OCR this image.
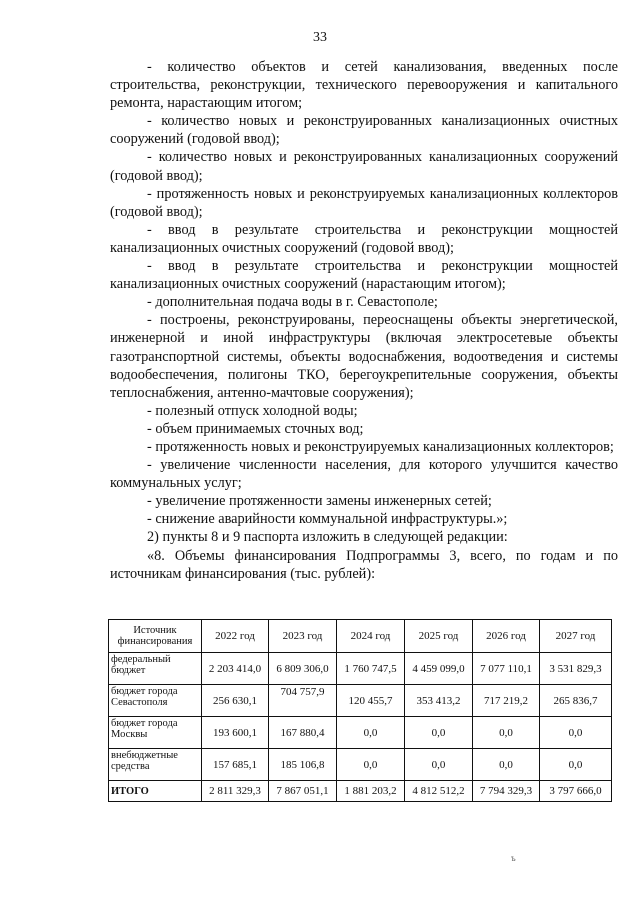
33

- количество объектов и сетей канализования, введенных после строительства, реконструкции, технического перевооружения и капитального ремонта, нарастающим итогом;

- количество новых и реконструированных канализационных очистных сооружений (годовой ввод);

- количество новых и реконструированных канализационных сооружений (годовой ввод);

- протяженность новых и реконструируемых канализационных коллекторов (годовой ввод);

- ввод в результате строительства и реконструкции мощностей канализационных очистных сооружений (годовой ввод);

- ввод в результате строительства и реконструкции мощностей канализационных очистных сооружений (нарастающим итогом);

- дополнительная подача воды в г. Севастополе;

- построены, реконструированы, переоснащены объекты энергетической, инженерной и иной инфраструктуры (включая электросетевые объекты газотранспортной системы, объекты водоснабжения, водоотведения и системы водообеспечения, полигоны ТКО, берегоукрепительные сооружения, объекты теплоснабжения, антенно-мачтовые сооружения);

- полезный отпуск холодной воды;

- объем принимаемых сточных вод;

- протяженность новых и реконструируемых канализационных коллекторов;

- увеличение численности населения, для которого улучшится качество коммунальных услуг;

- увеличение протяженности замены инженерных сетей;

- снижение аварийности коммунальной инфраструктуры.»;

2) пункты 8 и 9 паспорта изложить в следующей редакции:

«8. Объемы финансирования Подпрограммы 3, всего, по годам и по источникам финансирования (тыс. рублей):

Источник финансирования	2022 год	2023 год	2024 год	2025 год	2026 год	2027 год
федеральный бюджет	2 203 414,0	6 809 306,0	1 760 747,5	4 459 099,0	7 077 110,1	3 531 829,3
бюджет города Севастополя	256 630,1	704 757,9	120 455,7	353 413,2	717 219,2	265 836,7
бюджет города Москвы	193 600,1	167 880,4	0,0	0,0	0,0	0,0
внебюджетные средства	157 685,1	185 106,8	0,0	0,0	0,0	0,0
ИТОГО	2 811 329,3	7 867 051,1	1 881 203,2	4 812 512,2	7 794 329,3	3 797 666,0
ъ
